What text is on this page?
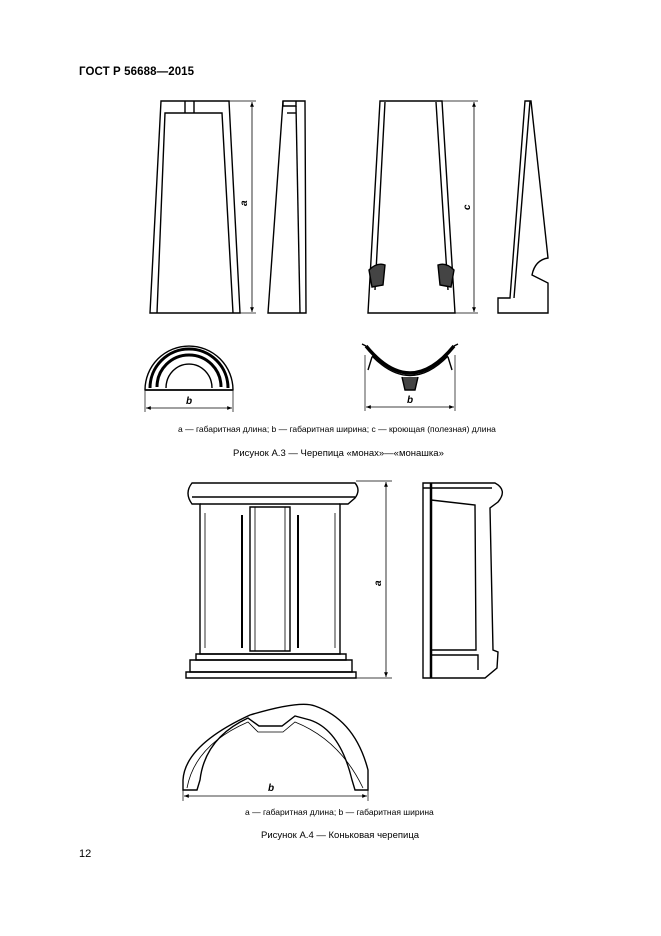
ГОСТ Р 56688—2015
a
c
b	b
a
b
a — габаритная длина; b — габаритная ширина; c — кроющая (полезная) длина
Рисунок А.3 — Черепица «монах»—«монашка»
a — габаритная длина; b — габаритная ширина
Рисунок А.4 — Коньковая черепица
12
